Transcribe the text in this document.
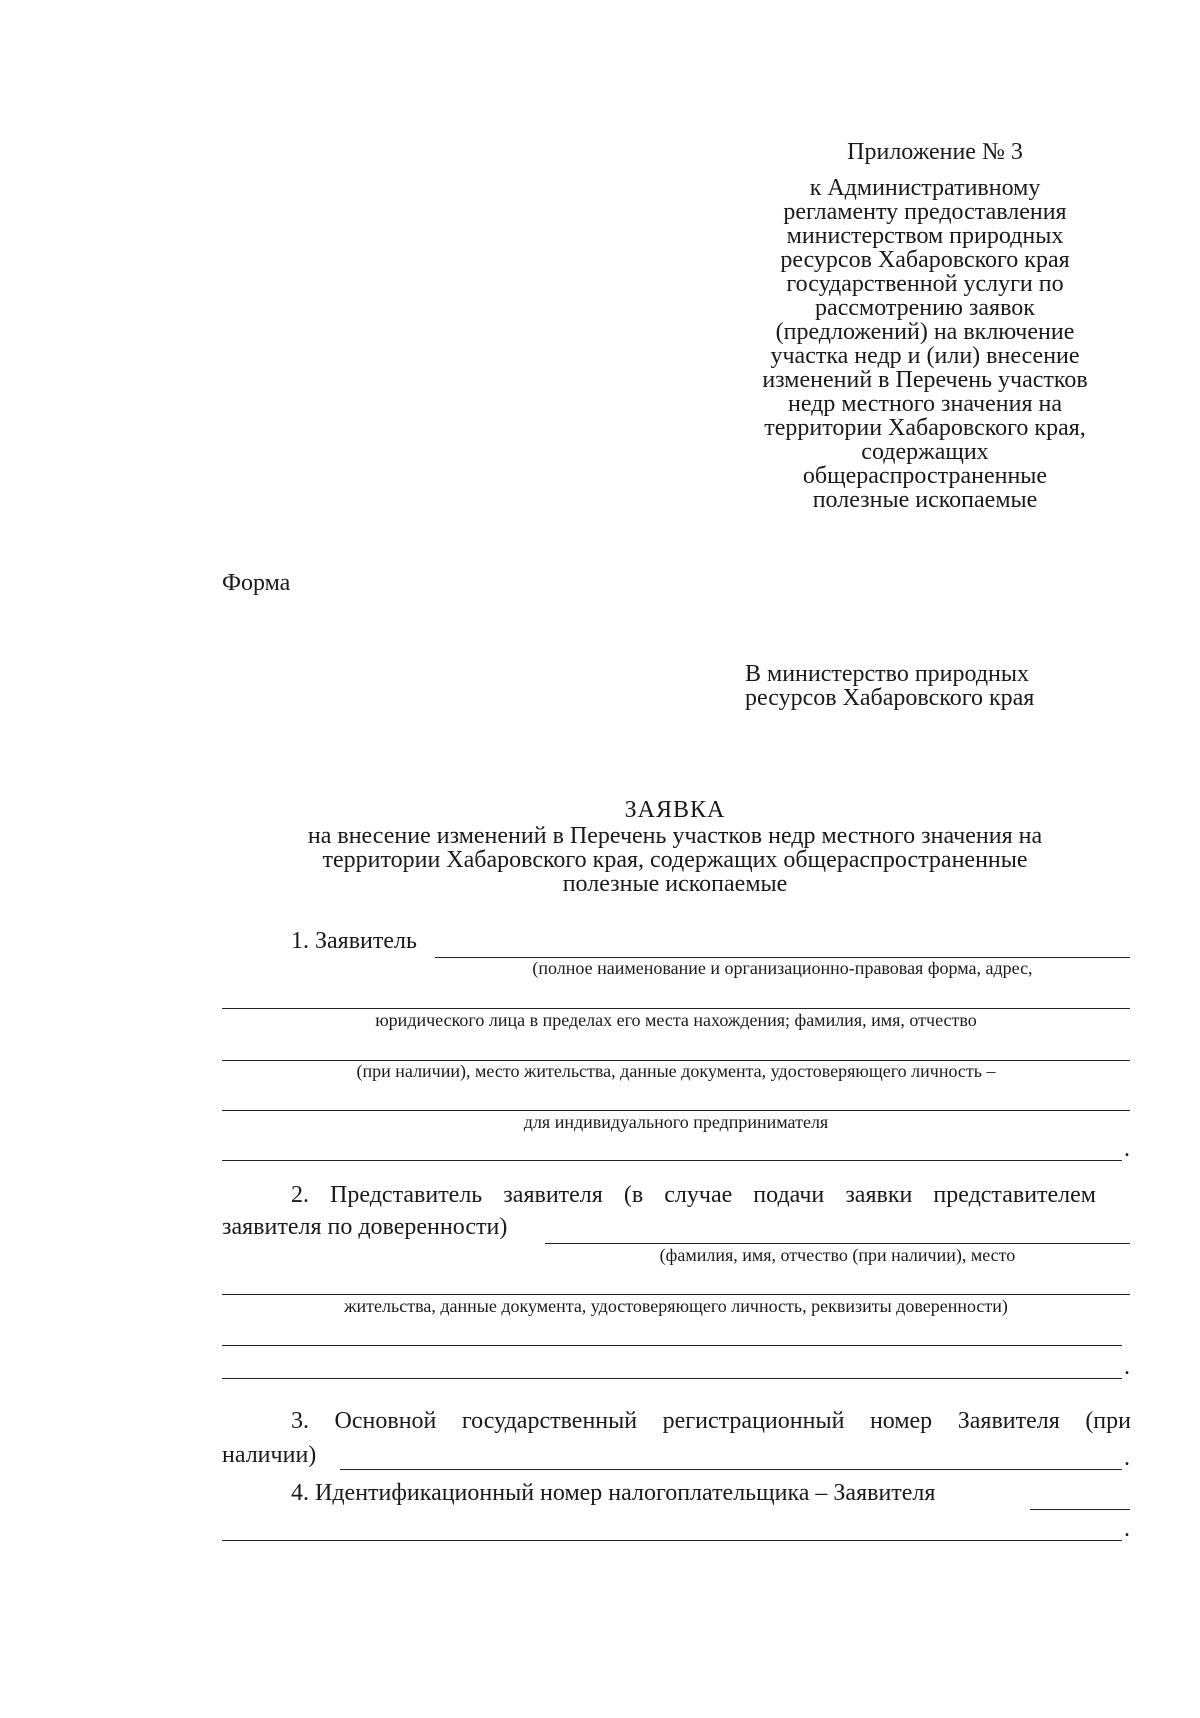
Приложение № 3
к Административному
регламенту предоставления
министерством природных
ресурсов Хабаровского края
государственной услуги по
рассмотрению заявок
(предложений) на включение
участка недр и (или) внесение
изменений в Перечень участков
недр местного значения на
территории Хабаровского края,
содержащих
общераспространенные
полезные ископаемые
Форма
В министерство природных
ресурсов Хабаровского края
ЗАЯВКА
на внесение изменений в Перечень участков недр местного значения на
территории Хабаровского края, содержащих общераспространенные
полезные ископаемые
1. Заявитель
(полное наименование и организационно-правовая форма, адрес,
юридического лица в пределах его места нахождения; фамилия, имя, отчество
(при наличии), место жительства, данные документа, удостоверяющего личность –
для индивидуального предпринимателя
.
2. Представитель заявителя (в случае подачи заявки представителем
заявителя по доверенности)
(фамилия, имя, отчество (при наличии), место
жительства, данные документа, удостоверяющего личность, реквизиты доверенности)
.
3. Основной государственный регистрационный номер Заявителя (при
наличии)	.
4. Идентификационный номер налогоплательщика – Заявителя
.
